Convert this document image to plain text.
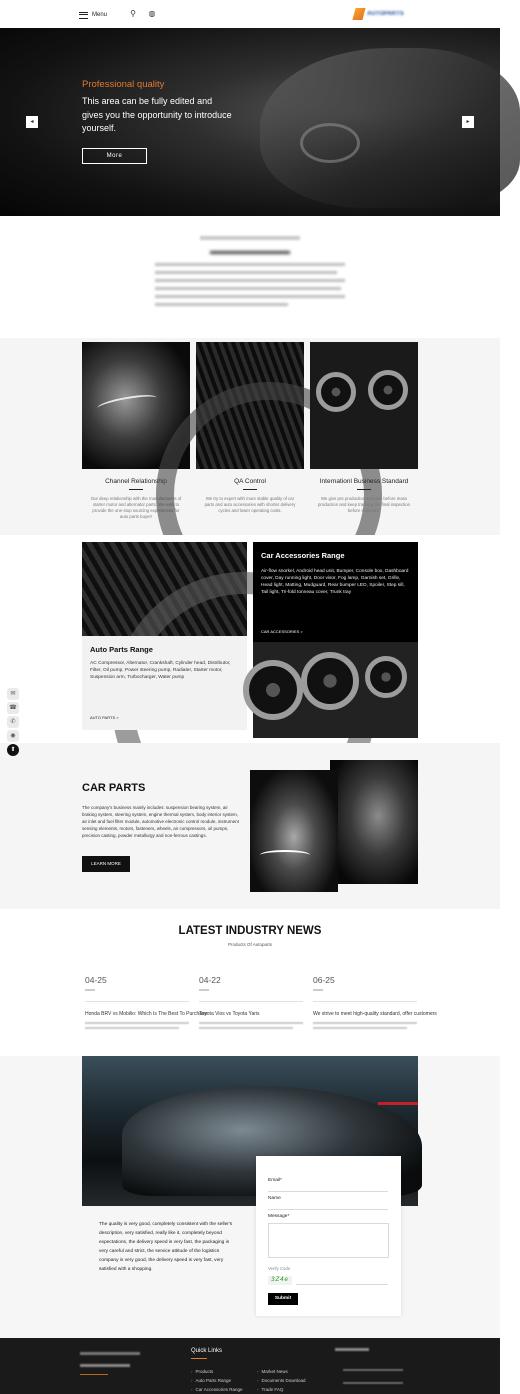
Menu	⚲ ◍	AUTOPARTS
Professional quality
This area can be fully edited and gives you the opportunity to introduce yourself.
More
◂	▸
▬▬▬▬▬▬▬▬
Channel Relationship
Our deep relationship with the manufacturers of starter motor and alternator parts. We wish to provide the one-stop sourcing experiences for auto parts buyer!
Internationl Business Standard
We give pre production samples before mass production and keep tracking the final inspection before shipment.
Auto Parts Range
AC Compressor, Alternator, Crankshaft, Cylinder head, Distributor, Filter, Oil pump, Power steering pump, Radiater, Starter motor, Suspension arm, Turbocharger, Water pump
AUTO PARTS >
Car Accessories Range
Air-flow snorkel, Android head unit, Bumper, Console box, Dashboard cover, Day running light, Door visor, Fog lamp, Garnish set, Grille, Head light, Matting, Mudguard, Rear bumper LED, Spoiler, Step sill, Tail light, Tri-fold tonneau cover, Trunk tray
CAR ACCESSORIES >
CAR PARTS
The company's business mainly includes: suspension bearing system, air braking system, steering system, engine thermal system, body interior system, air inlet and fuel filter module, automotive electronic control module, instrument sensing elements, motors, fasteners, wheels, air compressors, oil pumps, precision casting, powder metallurgy and non-ferrous castings.
LEARN MORE
LATEST INDUSTRY NEWS
Products Of Autoparts
04-25
Honda BRV vs Mobilio: Which Is The Best To Purchase
04-22
Toyota Vios vs Toyota Yaris
06-25
We strive to meet high-quality standard, offer customers
The quality is very good, completely consistent with the seller's description, very satisfied, really like it, completely beyond expectations, the delivery speed is very fast, the packaging is very careful and strict, the service attitude of the logistics company is very good, the delivery speed is very fast, very satisfied with a shopping.
Email*
Name
Message*
Verify Code
3Z4e
Submit
✉
☎
✆
◉
⬆
Quick Links
› Products
› Auto Parts Range
› Car Accessories Range
› Market News
› Documents Download
› Trade FAQ
